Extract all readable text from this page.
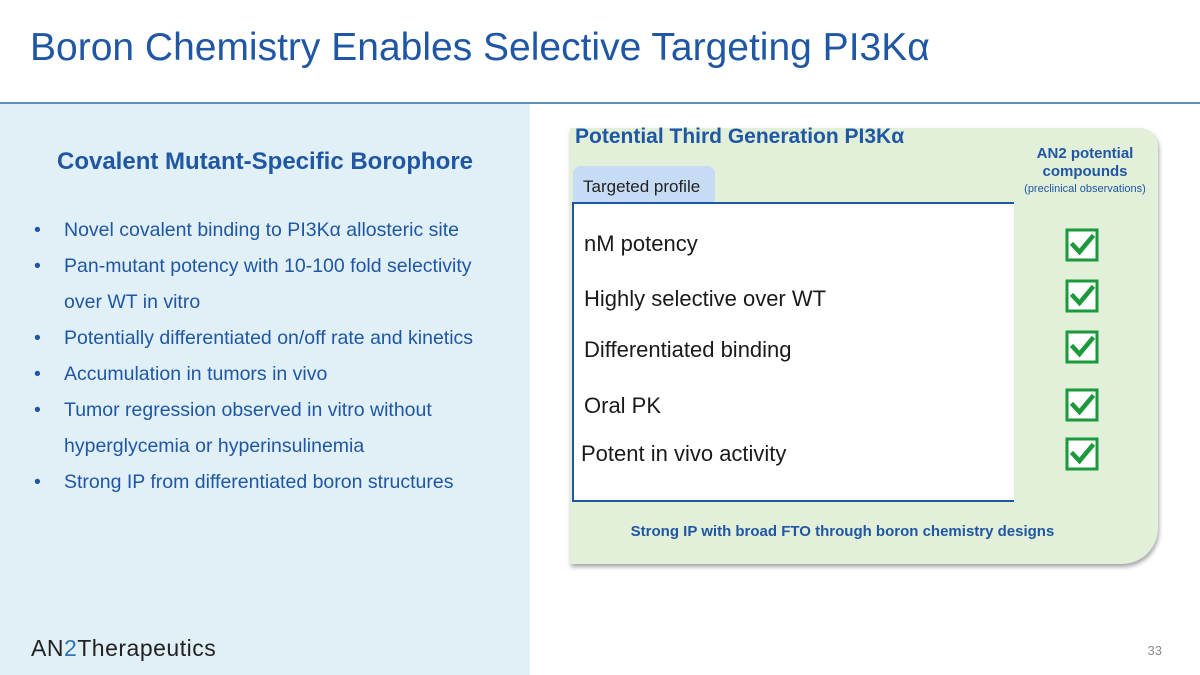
Boron Chemistry Enables Selective Targeting PI3Kα
Covalent Mutant-Specific Borophore
• Novel covalent binding to PI3Kα allosteric site
• Pan-mutant potency with 10-100 fold selectivity over WT in vitro
• Potentially differentiated on/off rate and kinetics
• Accumulation in tumors in vivo
• Tumor regression observed in vitro without hyperglycemia or hyperinsulinemia
• Strong IP from differentiated boron structures
AN2Therapeutics	33
Strong IP with broad FTO through boron chemistry designs
Potential Third Generation PI3Kα
Targeted profile
nM potency
Highly selective over WT
Differentiated binding
Oral PK
Potent in vivo activity
AN2 potential compounds
(preclinical observations)
